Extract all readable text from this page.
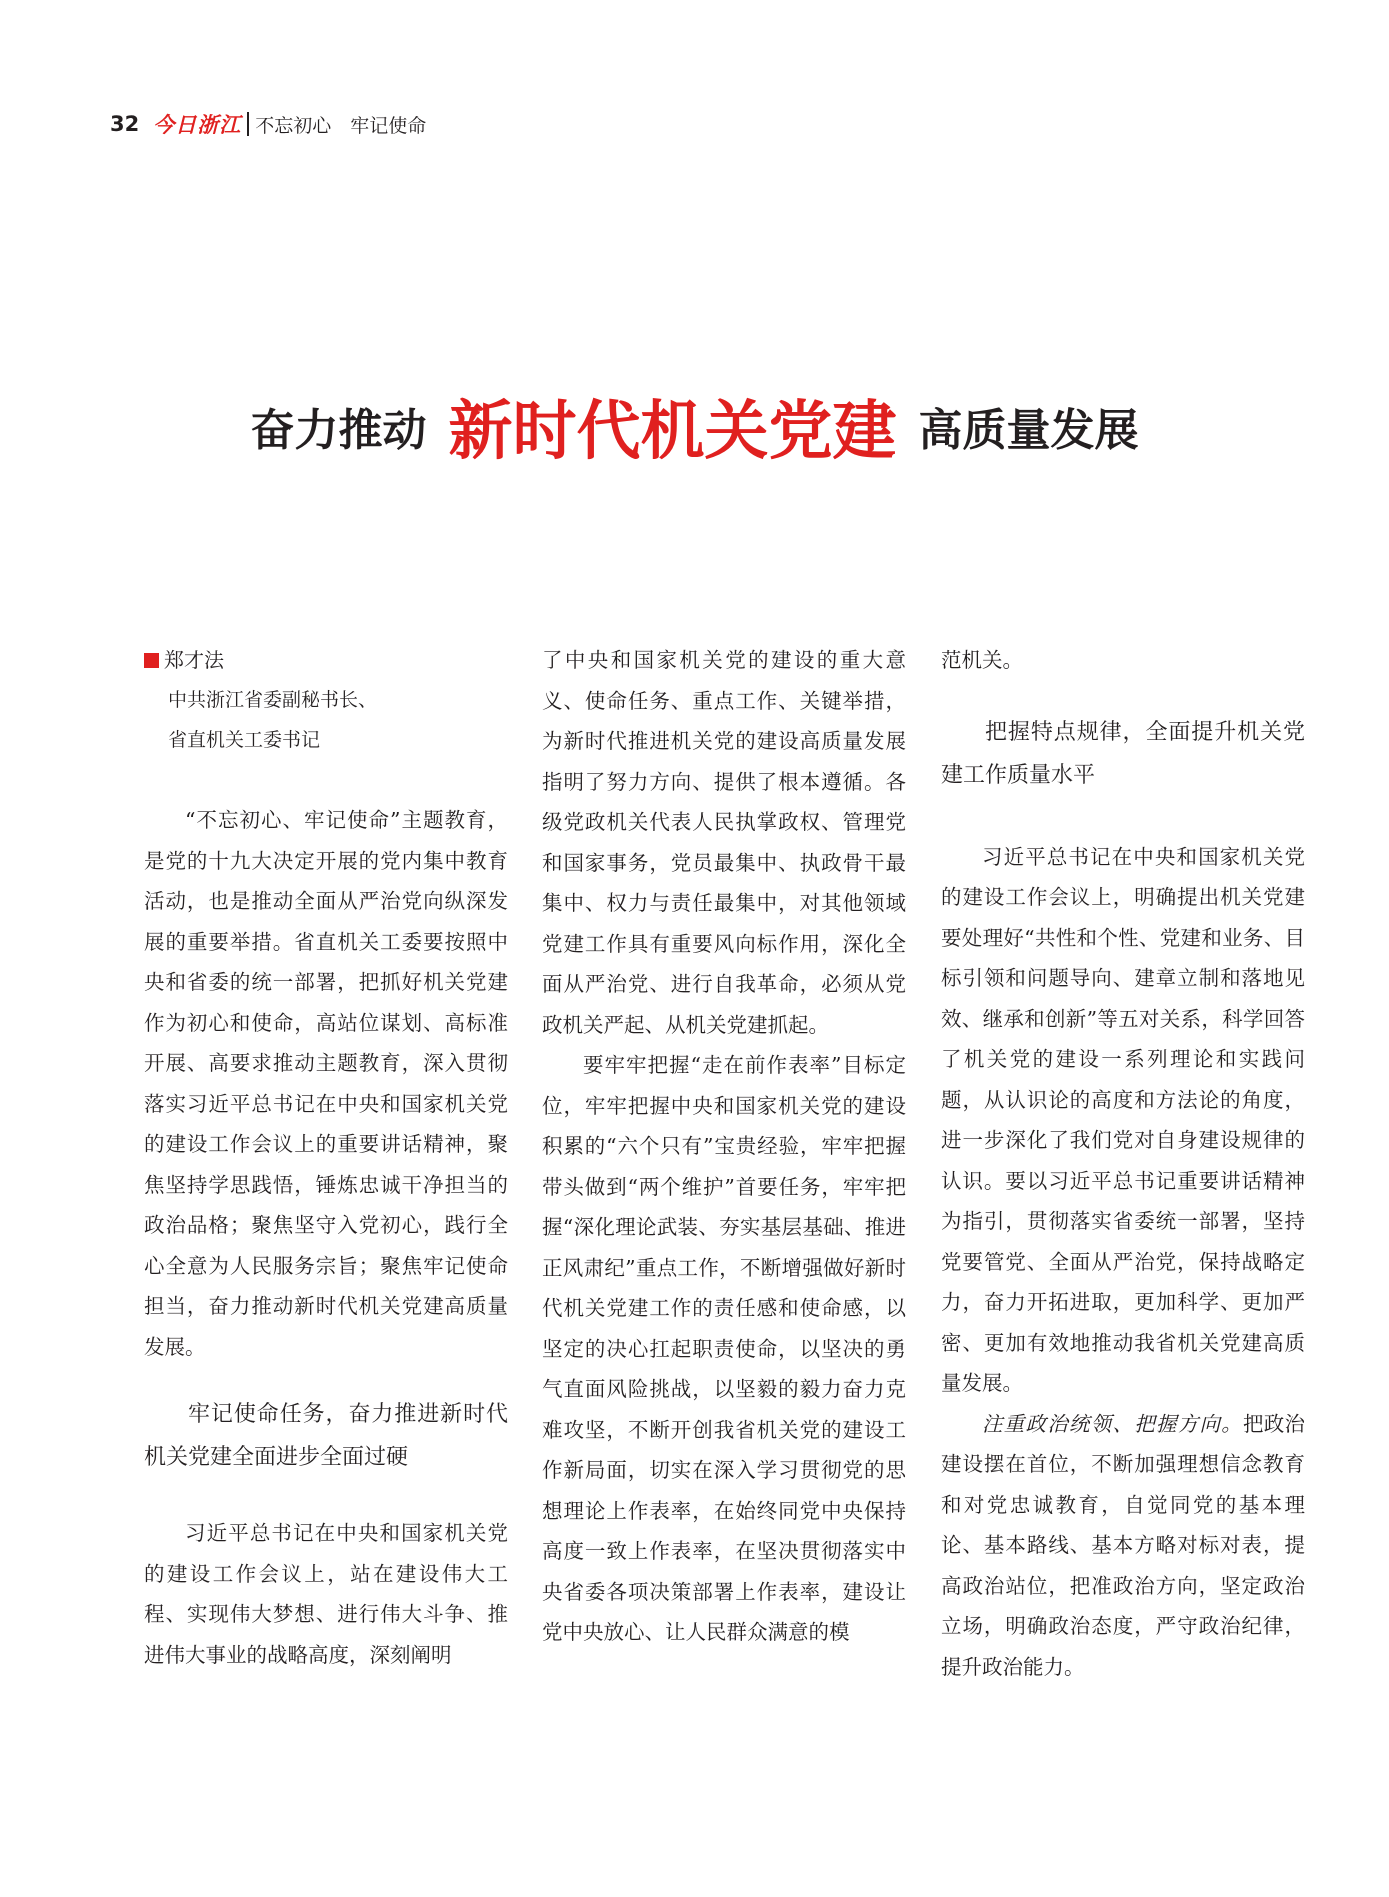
32 今日浙江 不忘初心　牢记使命
奋力推动 新时代机关党建 高质量发展
郑才法
中共浙江省委副秘书长、
省直机关工委书记

“不忘初心、牢记使命”主题教育，是党的十九大决定开展的党内集中教育活动，也是推动全面从严治党向纵深发展的重要举措。省直机关工委要按照中央和省委的统一部署，把抓好机关党建作为初心和使命，高站位谋划、高标准开展、高要求推动主题教育，深入贯彻落实习近平总书记在中央和国家机关党的建设工作会议上的重要讲话精神，聚焦坚持学思践悟，锤炼忠诚干净担当的政治品格；聚焦坚守入党初心，践行全心全意为人民服务宗旨；聚焦牢记使命担当，奋力推动新时代机关党建高质量发展。

牢记使命任务，奋力推进新时代机关党建全面进步全面过硬

习近平总书记在中央和国家机关党的建设工作会议上，站在建设伟大工程、实现伟大梦想、进行伟大斗争、推进伟大事业的战略高度，深刻阐明

了中央和国家机关党的建设的重大意义、使命任务、重点工作、关键举措，为新时代推进机关党的建设高质量发展指明了努力方向、提供了根本遵循。各级党政机关代表人民执掌政权、管理党和国家事务，党员最集中、执政骨干最集中、权力与责任最集中，对其他领域党建工作具有重要风向标作用，深化全面从严治党、进行自我革命，必须从党政机关严起、从机关党建抓起。

要牢牢把握“走在前作表率”目标定位，牢牢把握中央和国家机关党的建设积累的“六个只有”宝贵经验，牢牢把握带头做到“两个维护”首要任务，牢牢把握“深化理论武装、夯实基层基础、推进正风肃纪”重点工作，不断增强做好新时代机关党建工作的责任感和使命感，以坚定的决心扛起职责使命，以坚决的勇气直面风险挑战，以坚毅的毅力奋力克难攻坚，不断开创我省机关党的建设工作新局面，切实在深入学习贯彻党的思想理论上作表率，在始终同党中央保持高度一致上作表率，在坚决贯彻落实中央省委各项决策部署上作表率，建设让党中央放心、让人民群众满意的模

范机关。

把握特点规律，全面提升机关党建工作质量水平

习近平总书记在中央和国家机关党的建设工作会议上，明确提出机关党建要处理好“共性和个性、党建和业务、目标引领和问题导向、建章立制和落地见效、继承和创新”等五对关系，科学回答了机关党的建设一系列理论和实践问题，从认识论的高度和方法论的角度，进一步深化了我们党对自身建设规律的认识。要以习近平总书记重要讲话精神为指引，贯彻落实省委统一部署，坚持党要管党、全面从严治党，保持战略定力，奋力开拓进取，更加科学、更加严密、更加有效地推动我省机关党建高质量发展。

注重政治统领、把握方向。把政治建设摆在首位，不断加强理想信念教育和对党忠诚教育，自觉同党的基本理论、基本路线、基本方略对标对表，提高政治站位，把准政治方向，坚定政治立场，明确政治态度，严守政治纪律，提升政治能力。
